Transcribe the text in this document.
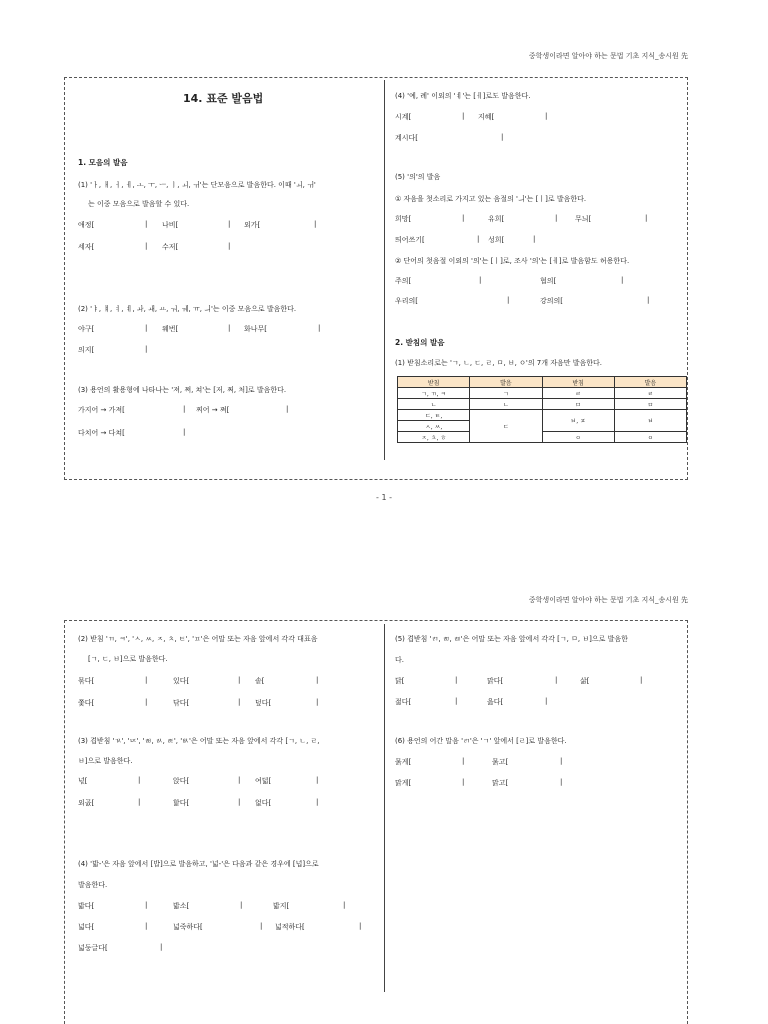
중학생이라면 알아야 하는 문법 기초 지식_송시원 先
14. 표준 발음법
1. 모음의 발음
(1) 'ㅏ, ㅐ, ㅓ, ㅔ, ㅗ, ㅜ, ㅡ, ㅣ, ㅚ, ㅟ'는 단모음으로 발음한다. 이때 'ㅚ, ㅟ'
는 이중 모음으로 발음할 수 있다.
애정[	| 나비[	| 외가[	|
세자[	| 수저[	|
(2) 'ㅑ, ㅒ, ㅕ, ㅖ, ㅘ, ㅙ, ㅛ, ㅝ, ㅞ, ㅠ, ㅢ'는 이중 모음으로 발음한다.
야구[	| 웨번[	| 화나무[	|
의지[	|
(3) 용언의 활용형에 나타나는 '져, 쪄, 쳐'는 [저, 쩌, 처]로 발음한다.
가지어 → 가져[	| 찌어 → 쪄[	|
다치어 → 다쳐[	|
(4) '예, 례' 이외의 'ㅖ'는 [ㅔ]로도 발음한다.
시계[	| 지혜[	|
계시다[	|
(5) '의'의 발음
① 자음을 첫소리로 가지고 있는 음절의 'ㅢ'는 [ㅣ]로 발음한다.
희망[	|	유희[	|	무늬[	|
띄어쓰기[	| 성희[	|
② 단어의 첫음절 이외의 '의'는 [ㅣ]로, 조사 '의'는 [ㅔ]로 발음함도 허용한다.
주의[	|	협의[	|
우리의[	|	강의의[	|
2. 받침의 발음
(1) 받침소리로는 'ㄱ, ㄴ, ㄷ, ㄹ, ㅁ, ㅂ, ㅇ'의 7개 자음만 발음한다.
받침	발음	받침	발음
ㄱ, ㄲ, ㅋ	ㄱ	ㄹ	ㄹ
ㄴ	ㄴ	ㅁ	ㅁ
ㄷ, ㅌ,	ㄷ	ㅂ, ㅍ	ㅂ
ㅅ, ㅆ,			
ㅈ, ㅊ, ㅎ		ㅇ	ㅇ
- 1 -
중학생이라면 알아야 하는 문법 기초 지식_송시원 先
(2) 받침 'ㄲ, ㅋ', 'ㅅ, ㅆ, ㅈ, ㅊ, ㅌ', 'ㅍ'은 어말 또는 자음 앞에서 각각 대표음
[ㄱ, ㄷ, ㅂ]으로 발음한다.
묶다[	|	있다[	| 솥[	|
쫓다[	|	닦다[	| 덮다[	|
(3) 겹받침 'ㄳ', 'ㄵ', 'ㄼ, ㄽ, ㄾ', 'ㅄ'은 어말 또는 자음 앞에서 각각 [ㄱ, ㄴ, ㄹ,
ㅂ]으로 발음한다.
넋[	|	앉다[	| 여덟[	|
외곬[	|	핥다[	| 없다[	|
(4) '밟-'은 자음 앞에서 [밥]으로 발음하고, '넓-'은 다음과 같은 경우에 [넙]으로
발음한다.
밟다[	|	밟소[	|	밟지[	|
넓다[	|	넓죽하다[	| 넓적하다[	|
넓둥글다[	|
(5) 겹받침 'ㄺ, ㄻ, ㄿ'은 어말 또는 자음 앞에서 각각 [ㄱ, ㅁ, ㅂ]으로 발음한
다.
닭[	|	맑다[	|	삶[	|
젊다[	|	읊다[	|
(6) 용언의 어간 말음 'ㄺ'은 'ㄱ' 앞에서 [ㄹ]로 발음한다.
묽게[	|	묽고[	|
맑게[	|	맑고[	|
